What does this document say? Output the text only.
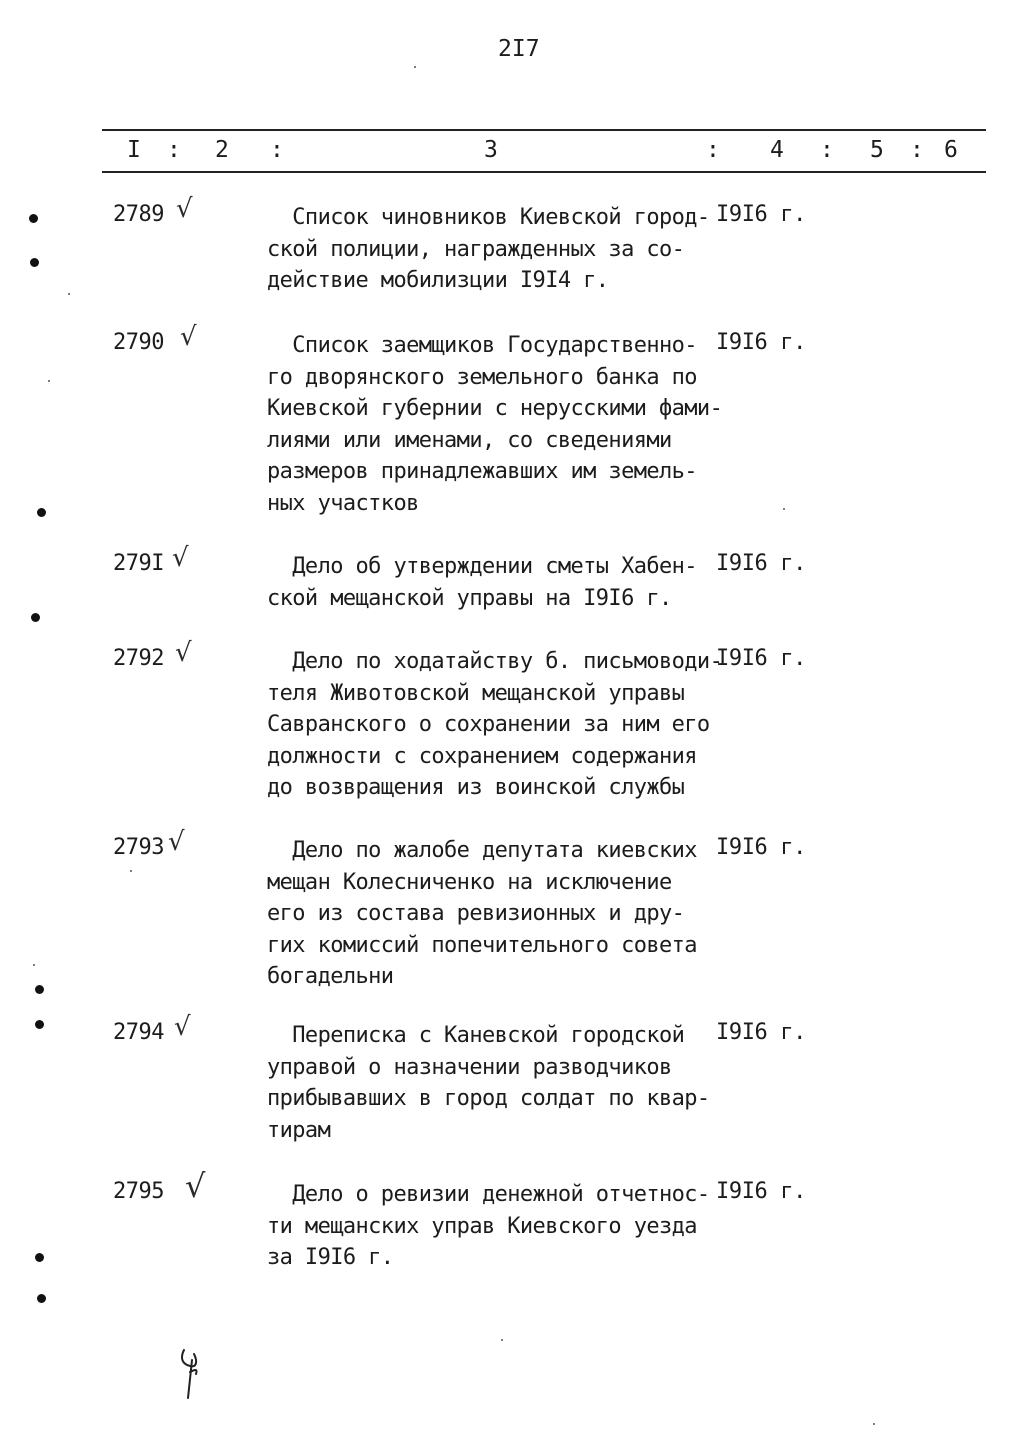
2I7
I : 2 :	3	: 4 : 5 : 6
2789 √	Список чиновников Киевской город-
ской полиции, награжденных за со-
действие мобилизции I9I4 г.
I9I6 г.
2790 √	Список заемщиков Государственно-
го дворянского земельного банка по
Киевской губернии с нерусскими фами-
лиями или именами, со сведениями
размеров принадлежавших им земель-
ных участков
I9I6 г.
279I √	Дело об утверждении сметы Хабен-
ской мещанской управы на I9I6 г.
I9I6 г.
2792 √	Дело по ходатайству б. письмоводи-
теля Животовской мещанской управы
Савранского о сохранении за ним его
должности с сохранением содержания
до возвращения из воинской службы
I9I6 г.
2793 √	Дело по жалобе депутата киевских
мещан Колесниченко на исключение
его из состава ревизионных и дру-
гих комиссий попечительного совета
богадельни
I9I6 г.
2794 √	Переписка с Каневской городской
управой о назначении разводчиков
прибывавших в город солдат по квар-
тирам
I9I6 г.
2795 √	Дело о ревизии денежной отчетнос-
ти мещанских управ Киевского уезда
за I9I6 г.
I9I6 г.
